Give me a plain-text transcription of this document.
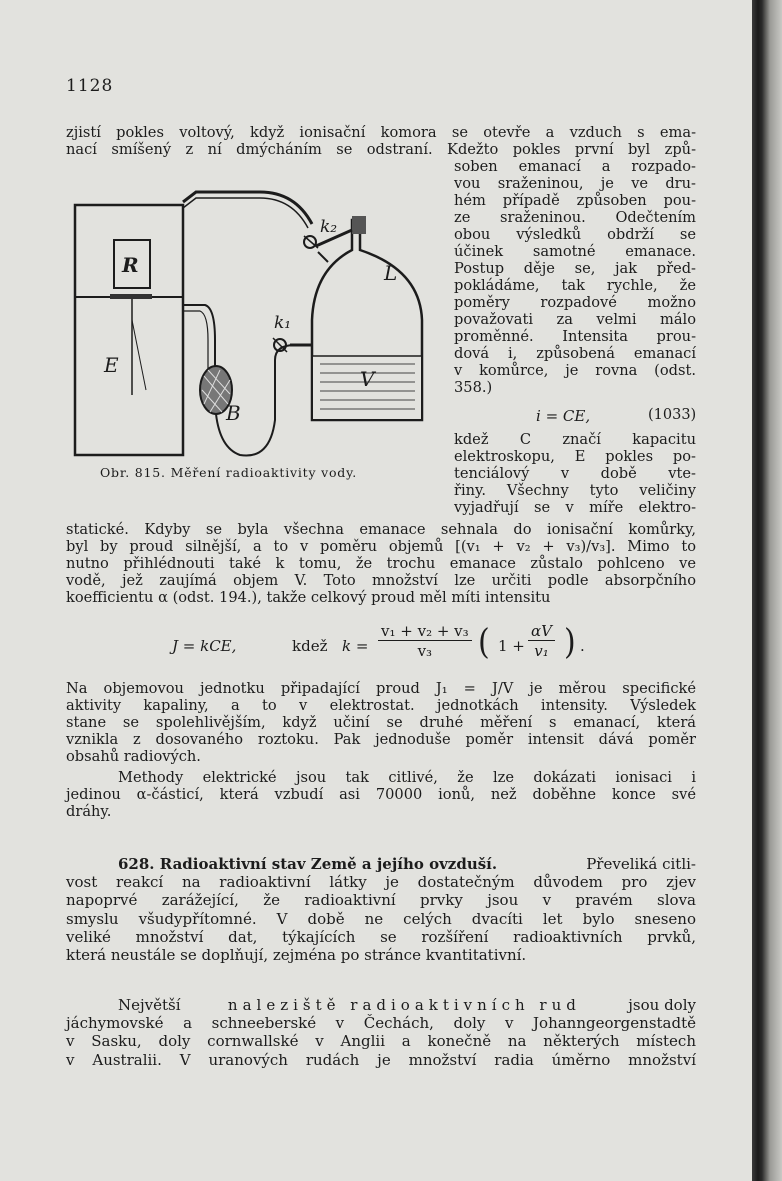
1128
zjistí pokles voltový, když ionisační komora se otevře a vzduch s ema-
nací smíšený z ní dmýcháním se odstraní. Kdežto pokles první byl způ-
soben emanací a rozpado-
vou sraženinou, je ve dru-
hém případě způsoben pou-
ze sraženinou. Odečtením
obou výsledků obdrží se
účinek samotné emanace.
Postup děje se, jak před-
pokládáme, tak rychle, že
poměry rozpadové možno
považovati za velmi málo
proměnné. Intensita prou-
dová i, způsobená emanací
v komůrce, je rovna (odst.
358.)
i = CE,	(1033)
kdež C značí kapacitu
elektroskopu, E pokles po-
tenciálový v době vte-
řiny. Všechny tyto veličiny
vyjadřují se v míře elektro-
R
E
B
L
V
k₁
k₂
Obr. 815. Měření radioaktivity vody.
statické. Kdyby se byla všechna emanace sehnala do ionisační komůrky,
byl by proud silnější, a to v poměru objemů [(v₁ + v₂ + v₃)/v₃]. Mimo to
nutno přihlédnouti také k tomu, že trochu emanace zůstalo pohlceno ve
vodě, jež zaujímá objem V. Toto množství lze určiti podle absorpčního
koefficientu α (odst. 194.), takže celkový proud měl míti intensitu
J = kCE,	kdež $k = \frac{\text{v₁ + v₂ + v₃}}{\text{v₃}}$ ( $1 + \frac{\alpha V}{\text{v₁}}$ ) .
Na objemovou jednotku připadající proud J₁ = J/V je měrou specifické
aktivity kapaliny, a to v elektrostat. jednotkách intensity. Výsledek
stane se spolehlivějším, když učiní se druhé měření s emanací, která
vznikla z dosovaného roztoku. Pak jednoduše poměr intensit dává poměr
obsahů radiových.
Methody elektrické jsou tak citlivé, že lze dokázati ionisaci i
jedinou α-částicí, která vzbudí asi 70000 ionů, než doběhne konce své
dráhy.
628. Radioaktivní stav Země a jejího ovzduší.	Převeliká citli-
vost reakcí na radioaktivní látky je dostatečným důvodem pro zjev
napoprvé zarážející, že radioaktivní prvky jsou v pravém slova
smyslu všudypřítomné. V době ne celých dvacíti let bylo sneseno
veliké množství dat, týkajících se rozšíření radioaktivních prvků,
která neustále se doplňují, zejména po stránce kvantitativní.
Největší	naleziště radioaktivních rud	jsou doly
jáchymovské a schneeberské v Čechách, doly v Johanngeorgenstadtě
v Sasku, doly cornwallské v Anglii a konečně na některých místech
v Australii. V uranových rudách je množství radia úměrno množství
